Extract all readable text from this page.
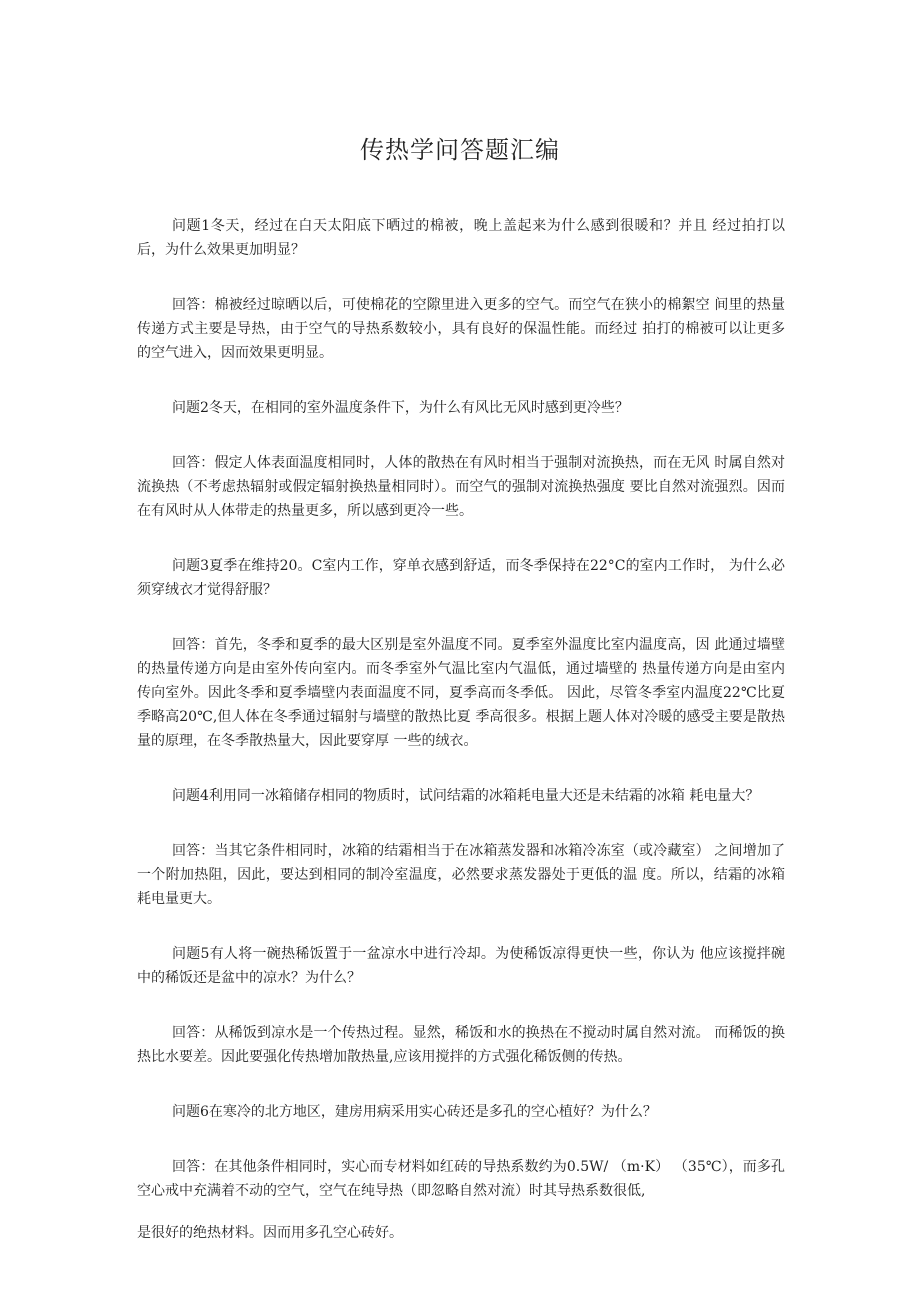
传热学问答题汇编

问题1冬天，经过在白天太阳底下晒过的棉被，晚上盖起来为什么感到很暖和？并且 经过拍打以后，为什么效果更加明显？

回答：棉被经过晾晒以后，可使棉花的空隙里进入更多的空气。而空气在狭小的棉絮空 间里的热量传递方式主要是导热，由于空气的导热系数较小，具有良好的保温性能。而经过 拍打的棉被可以让更多的空气进入，因而效果更明显。

问题2冬天，在相同的室外温度条件下，为什么有风比无风时感到更冷些？

回答：假定人体表面温度相同时，人体的散热在有风时相当于强制对流换热，而在无风 时属自然对流换热（不考虑热辐射或假定辐射换热量相同时）。而空气的强制对流换热强度 要比自然对流强烈。因而在有风时从人体带走的热量更多，所以感到更冷一些。

问题3夏季在维持20。C室内工作，穿单衣感到舒适，而冬季保持在22°C的室内工作时， 为什么必须穿绒衣才觉得舒服？

回答：首先，冬季和夏季的最大区别是室外温度不同。夏季室外温度比室内温度高，因 此通过墙壁的热量传递方向是由室外传向室内。而冬季室外气温比室内气温低，通过墙壁的 热量传递方向是由室内传向室外。因此冬季和夏季墙壁内表面温度不同，夏季高而冬季低。 因此，尽管冬季室内温度22℃比夏季略高20℃,但人体在冬季通过辐射与墙壁的散热比夏 季高很多。根据上题人体对冷暖的感受主要是散热量的原理，在冬季散热量大，因此要穿厚 一些的绒衣。

问题4利用同一冰箱储存相同的物质时，试问结霜的冰箱耗电量大还是未结霜的冰箱 耗电量大？

回答：当其它条件相同时，冰箱的结霜相当于在冰箱蒸发器和冰箱冷冻室（或冷藏室） 之间增加了一个附加热阻，因此，要达到相同的制冷室温度，必然要求蒸发器处于更低的温 度。所以，结霜的冰箱耗电量更大。

问题5有人将一碗热稀饭置于一盆凉水中进行冷却。为使稀饭凉得更快一些，你认为 他应该搅拌碗中的稀饭还是盆中的凉水？为什么？

回答：从稀饭到凉水是一个传热过程。显然，稀饭和水的换热在不搅动时属自然对流。 而稀饭的换热比水要差。因此要强化传热增加散热量,应该用搅拌的方式强化稀饭侧的传热。

问题6在寒冷的北方地区，建房用病采用实心砖还是多孔的空心植好？为什么？

回答：在其他条件相同时，实心而专材料如红砖的导热系数约为0.5W/ （m·K） （35℃），而多孔空心戒中充满着不动的空气，空气在纯导热（即忽略自然对流）时其导热系数很低,

是很好的绝热材料。因而用多孔空心砖好。
